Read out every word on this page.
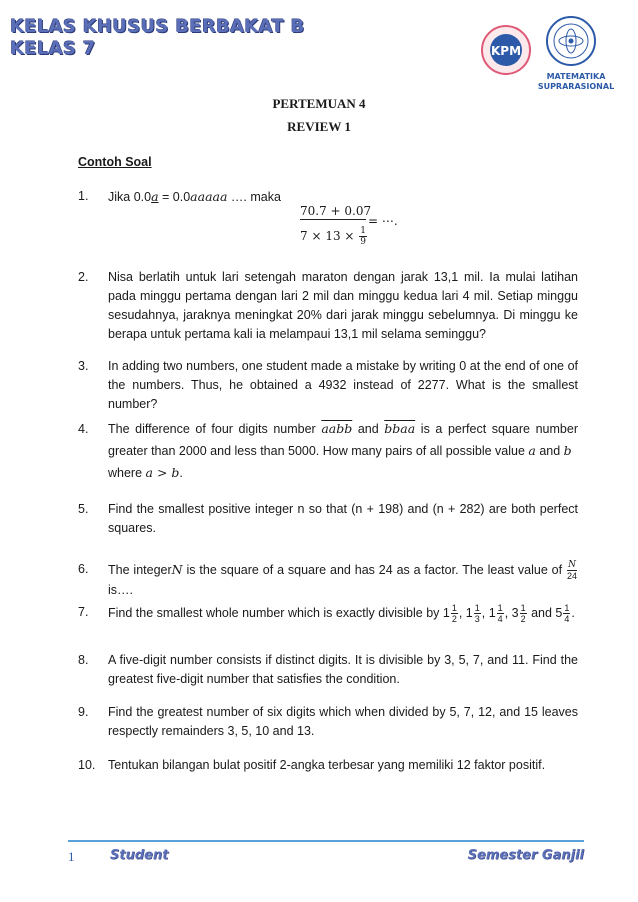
KELAS KHUSUS BERBAKAT B
KELAS 7	KPM
MATEMATIKA
SUPRARASIONAL
PERTEMUAN 4
REVIEW 1
Contoh Soal
1. Jika 0.0a = 0.0aaaaa …. maka
70.7 + 0.07
$7 \times 13 \times \frac{1}{9}$
= ⋯.
2. Nisa berlatih untuk lari setengah maraton dengan jarak 13,1 mil. Ia mulai latihan pada minggu pertama dengan lari 2 mil dan minggu kedua lari 4 mil. Setiap minggu sesudahnya, jaraknya meningkat 20% dari jarak minggu sebelumnya. Di minggu ke berapa untuk pertama kali ia melampaui 13,1 mil selama seminggu?
3. In adding two numbers, one student made a mistake by writing 0 at the end of one of the numbers. Thus, he obtained a 4932 instead of 2277. What is the smallest number?
4. The difference of four digits number aabb and bbaa is a perfect square number greater than 2000 and less than 5000. How many pairs of all possible value a and b
where a > b.
5. Find the smallest positive integer n so that (n + 198) and (n + 282) are both perfect squares.
6. The integerN is the square of a square and has 24 as a factor. The least value of $\frac{N}{24}$
is….
7. Find the smallest whole number which is exactly divisible by $1 \frac{1}{2}$ , $1 \frac{1}{3}$ , $1 \frac{1}{4}$ , $3 \frac{1}{2}$ and $5 \frac{1}{4}$ .
8. A five-digit number consists if distinct digits. It is divisible by 3, 5, 7, and 11. Find the greatest five-digit number that satisfies the condition.
9. Find the greatest number of six digits which when divided by 5, 7, 12, and 15 leaves respectly remainders 3, 5, 10 and 13.
10. Tentukan bilangan bulat positif 2-angka terbesar yang memiliki 12 faktor positif.
1	Student	Semester Ganjil
